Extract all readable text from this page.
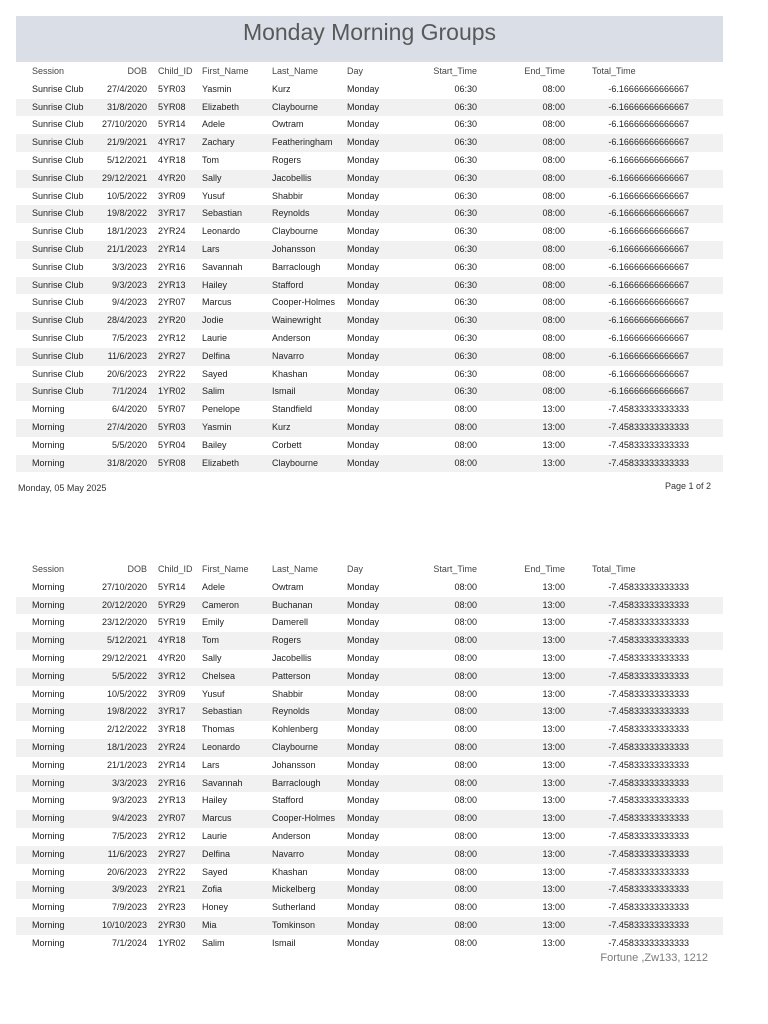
Monday Morning Groups
Session	DOB Child_ID First_Name	Last_Name	Day	Start_Time	End_Time	Total_Time
Sunrise Club	27/4/2020 5YR03 Yasmin	Kurz	Monday	06:30	08:00	-6.16666666666667
Sunrise Club	31/8/2020 5YR08 Elizabeth	Claybourne	Monday	06:30	08:00	-6.16666666666667
Sunrise Club 27/10/2020 5YR14 Adele	Owtram	Monday	06:30	08:00	-6.16666666666667
Sunrise Club	21/9/2021 4YR17 Zachary	Featheringham Monday	06:30	08:00	-6.16666666666667
Sunrise Club	5/12/2021 4YR18 Tom	Rogers	Monday	06:30	08:00	-6.16666666666667
Sunrise Club 29/12/2021 4YR20 Sally	Jacobellis	Monday	06:30	08:00	-6.16666666666667
Sunrise Club	10/5/2022 3YR09 Yusuf	Shabbir	Monday	06:30	08:00	-6.16666666666667
Sunrise Club	19/8/2022 3YR17 Sebastian	Reynolds	Monday	06:30	08:00	-6.16666666666667
Sunrise Club	18/1/2023 2YR24 Leonardo	Claybourne	Monday	06:30	08:00	-6.16666666666667
Sunrise Club	21/1/2023 2YR14 Lars	Johansson	Monday	06:30	08:00	-6.16666666666667
Sunrise Club	3/3/2023 2YR16 Savannah	Barraclough	Monday	06:30	08:00	-6.16666666666667
Sunrise Club	9/3/2023 2YR13 Hailey	Stafford	Monday	06:30	08:00	-6.16666666666667
Sunrise Club	9/4/2023 2YR07 Marcus	Cooper-Holmes Monday	06:30	08:00	-6.16666666666667
Sunrise Club	28/4/2023 2YR20 Jodie	Wainewright	Monday	06:30	08:00	-6.16666666666667
Sunrise Club	7/5/2023 2YR12 Laurie	Anderson	Monday	06:30	08:00	-6.16666666666667
Sunrise Club	11/6/2023 2YR27 Delfina	Navarro	Monday	06:30	08:00	-6.16666666666667
Sunrise Club	20/6/2023 2YR22 Sayed	Khashan	Monday	06:30	08:00	-6.16666666666667
Sunrise Club	7/1/2024 1YR02 Salim	Ismail	Monday	06:30	08:00	-6.16666666666667
Morning	6/4/2020 5YR07 Penelope	Standfield	Monday	08:00	13:00	-7.45833333333333
Morning	27/4/2020 5YR03 Yasmin	Kurz	Monday	08:00	13:00	-7.45833333333333
Morning	5/5/2020 5YR04 Bailey	Corbett	Monday	08:00	13:00	-7.45833333333333
Morning	31/8/2020 5YR08 Elizabeth	Claybourne	Monday	08:00	13:00	-7.45833333333333
Monday, 05 May 2025	Page 1 of 2
Session	DOB Child_ID First_Name	Last_Name	Day	Start_Time	End_Time	Total_Time
Morning	27/10/2020 5YR14 Adele	Owtram	Monday	08:00	13:00	-7.45833333333333
Morning	20/12/2020 5YR29 Cameron	Buchanan	Monday	08:00	13:00	-7.45833333333333
Morning	23/12/2020 5YR19 Emily	Damerell	Monday	08:00	13:00	-7.45833333333333
Morning	5/12/2021 4YR18 Tom	Rogers	Monday	08:00	13:00	-7.45833333333333
Morning	29/12/2021 4YR20 Sally	Jacobellis	Monday	08:00	13:00	-7.45833333333333
Morning	5/5/2022 3YR12 Chelsea	Patterson	Monday	08:00	13:00	-7.45833333333333
Morning	10/5/2022 3YR09 Yusuf	Shabbir	Monday	08:00	13:00	-7.45833333333333
Morning	19/8/2022 3YR17 Sebastian	Reynolds	Monday	08:00	13:00	-7.45833333333333
Morning	2/12/2022 3YR18 Thomas	Kohlenberg	Monday	08:00	13:00	-7.45833333333333
Morning	18/1/2023 2YR24 Leonardo	Claybourne	Monday	08:00	13:00	-7.45833333333333
Morning	21/1/2023 2YR14 Lars	Johansson	Monday	08:00	13:00	-7.45833333333333
Morning	3/3/2023 2YR16 Savannah	Barraclough	Monday	08:00	13:00	-7.45833333333333
Morning	9/3/2023 2YR13 Hailey	Stafford	Monday	08:00	13:00	-7.45833333333333
Morning	9/4/2023 2YR07 Marcus	Cooper-Holmes Monday	08:00	13:00	-7.45833333333333
Morning	7/5/2023 2YR12 Laurie	Anderson	Monday	08:00	13:00	-7.45833333333333
Morning	11/6/2023 2YR27 Delfina	Navarro	Monday	08:00	13:00	-7.45833333333333
Morning	20/6/2023 2YR22 Sayed	Khashan	Monday	08:00	13:00	-7.45833333333333
Morning	3/9/2023 2YR21 Zofia	Mickelberg	Monday	08:00	13:00	-7.45833333333333
Morning	7/9/2023 2YR23 Honey	Sutherland	Monday	08:00	13:00	-7.45833333333333
Morning	10/10/2023 2YR30 Mia	Tomkinson	Monday	08:00	13:00	-7.45833333333333
Morning	7/1/2024 1YR02 Salim	Ismail	Monday	08:00	13:00	-7.45833333333333
Fortune ,Zw133, 1212
